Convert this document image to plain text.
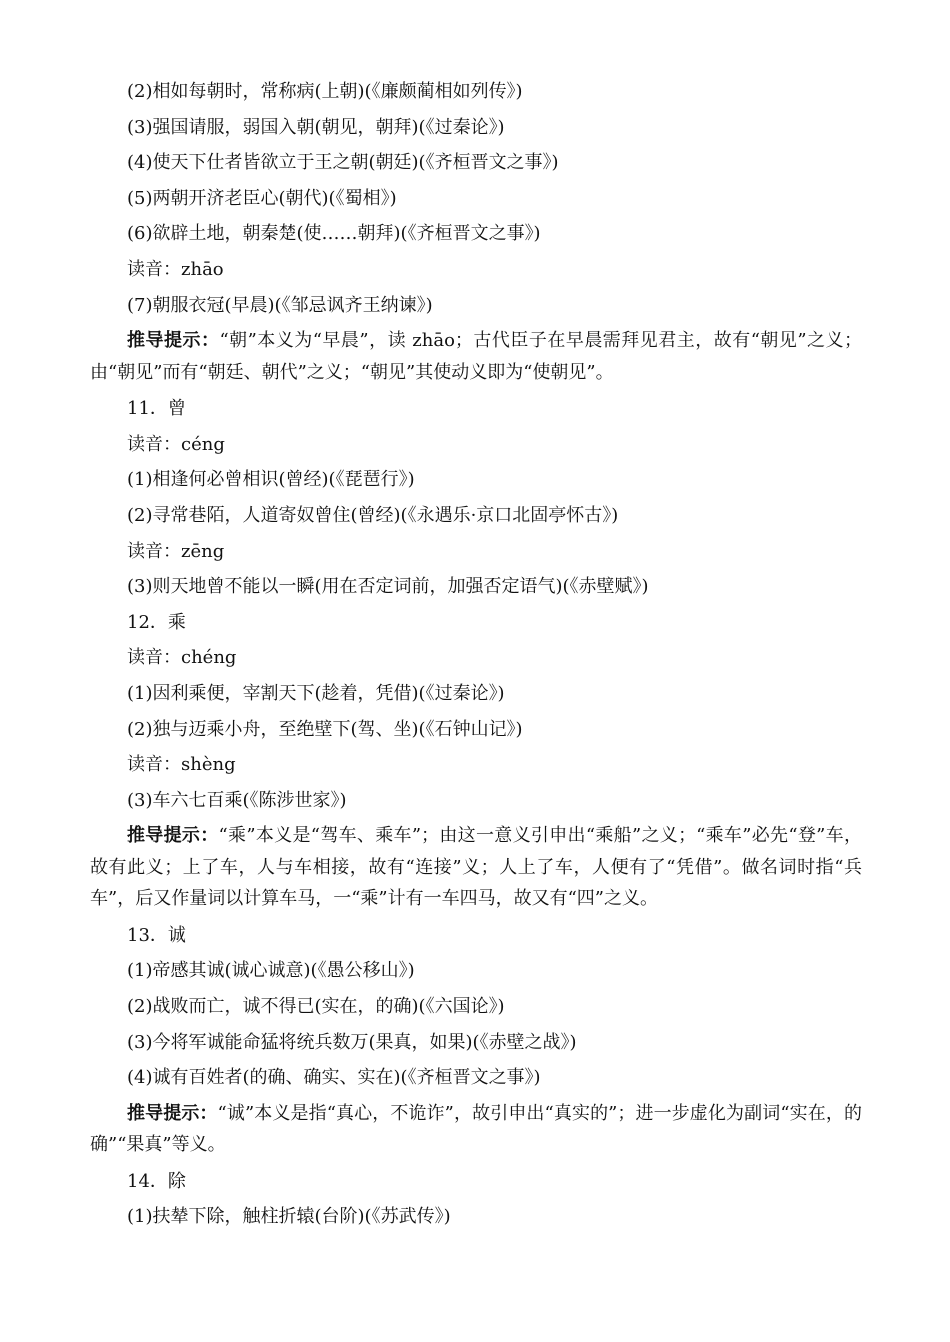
(2)相如每朝时，常称病(上朝)(《廉颇蔺相如列传》)

(3)强国请服，弱国入朝(朝见，朝拜)(《过秦论》)

(4)使天下仕者皆欲立于王之朝(朝廷)(《齐桓晋文之事》)

(5)两朝开济老臣心(朝代)(《蜀相》)

(6)欲辟土地，朝秦楚(使……朝拜)(《齐桓晋文之事》)

读音：zhāo

(7)朝服衣冠(早晨)(《邹忌讽齐王纳谏》)

推导提示：“朝”本义为“早晨”，读 zhāo；古代臣子在早晨需拜见君主，故有“朝见”之义；由“朝见”而有“朝廷、朝代”之义；“朝见”其使动义即为“使朝见”。

11．曾

读音：céng

(1)相逢何必曾相识(曾经)(《琵琶行》)

(2)寻常巷陌，人道寄奴曾住(曾经)(《永遇乐·京口北固亭怀古》)

读音：zēng

(3)则天地曾不能以一瞬(用在否定词前，加强否定语气)(《赤壁赋》)

12．乘

读音：chéng

(1)因利乘便，宰割天下(趁着，凭借)(《过秦论》)

(2)独与迈乘小舟，至绝壁下(驾、坐)(《石钟山记》)

读音：shèng

(3)车六七百乘(《陈涉世家》)

推导提示：“乘”本义是“驾车、乘车”；由这一意义引申出“乘船”之义；“乘车”必先“登”车，故有此义；上了车，人与车相接，故有“连接”义；人上了车，人便有了“凭借”。做名词时指“兵车”，后又作量词以计算车马，一“乘”计有一车四马，故又有“四”之义。

13．诚

(1)帝感其诚(诚心诚意)(《愚公移山》)

(2)战败而亡，诚不得已(实在，的确)(《六国论》)

(3)今将军诚能命猛将统兵数万(果真，如果)(《赤壁之战》)

(4)诚有百姓者(的确、确实、实在)(《齐桓晋文之事》)

推导提示：“诚”本义是指“真心，不诡诈”，故引申出“真实的”；进一步虚化为副词“实在，的确”“果真”等义。

14．除

(1)扶辇下除，触柱折辕(台阶)(《苏武传》)
